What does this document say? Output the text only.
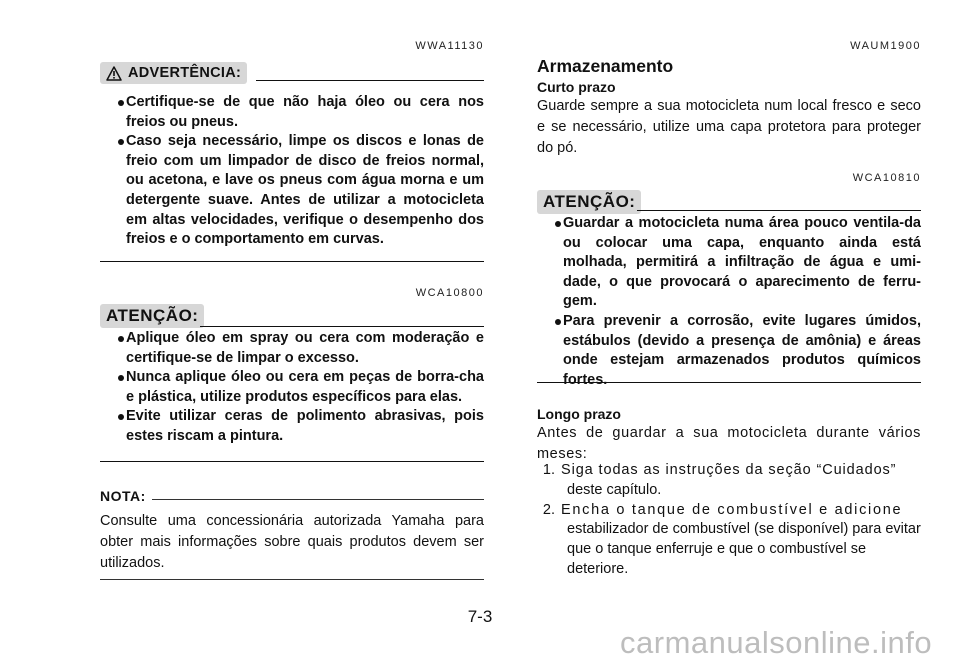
WWA11130
ADVERTÊNCIA:
Certifique-se de que não haja óleo ou cera nos freios ou pneus.
Caso seja necessário, limpe os discos e lonas de freio com um limpador de disco de freios normal, ou acetona, e lave os pneus com água morna e um detergente suave. Antes de utilizar a motocicleta em altas velocidades, verifique o desempenho dos freios e o comportamento em curvas.
WCA10800
ATENÇÃO:
Aplique óleo em spray ou cera com moderação e certifique-se de limpar o excesso.
Nunca aplique óleo ou cera em peças de borra-cha e plástica, utilize produtos específicos para elas.
Evite utilizar ceras de polimento abrasivas, pois estes riscam a pintura.
NOTA:
Consulte uma concessionária autorizada Yamaha para obter mais informações sobre quais produtos devem ser utilizados.
WAUM1900
Armazenamento
Curto prazo
Guarde sempre a sua motocicleta num local fresco e seco e se necessário, utilize uma capa protetora para proteger do pó.
WCA10810
ATENÇÃO:
Guardar a motocicleta numa área pouco ventila-da ou colocar uma capa, enquanto ainda está molhada, permitirá a infiltração de água e umi-dade, o que provocará o aparecimento de ferru-gem.
Para prevenir a corrosão, evite lugares úmidos, estábulos (devido a presença de amônia) e áreas onde estejam armazenados produtos químicos fortes.
Longo prazo
Antes de guardar a sua motocicleta durante vários meses:
1. Siga todas as instruções da seção “Cuidados”
deste capítulo.
2. Encha o tanque de combustível e adicione
estabilizador de combustível (se disponível) para evitar que o tanque enferruje e que o combustível se deteriore.
7-3
carmanualsonline.info
